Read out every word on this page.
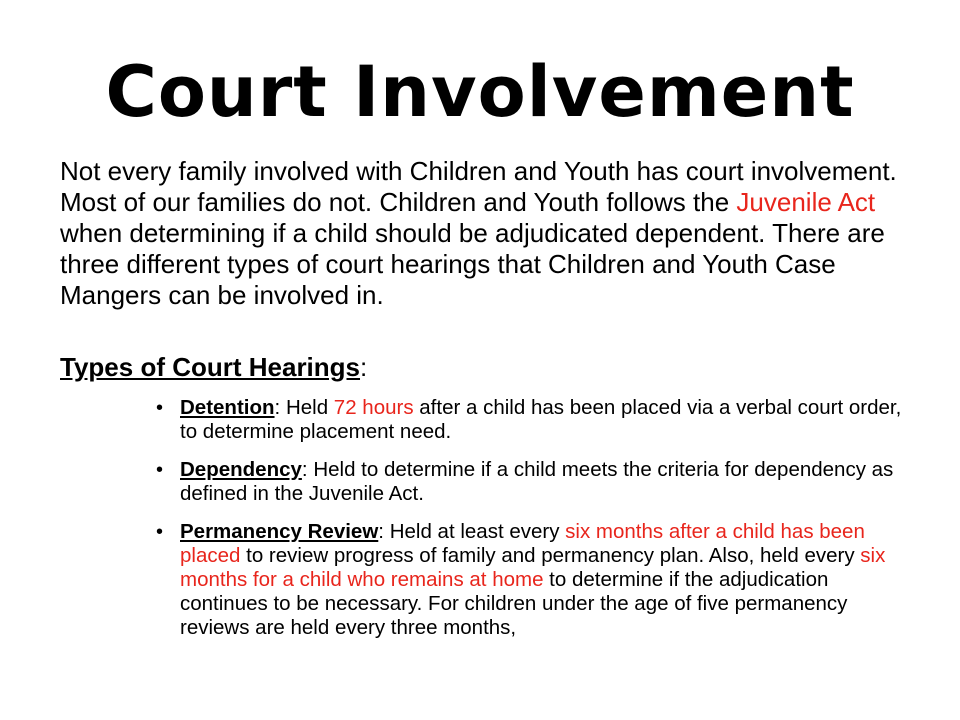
Court Involvement

Not every family involved with Children and Youth has court involvement. Most of our families do not. Children and Youth follows the Juvenile Act when determining if a child should be adjudicated dependent. There are three different types of court hearings that Children and Youth Case Mangers can be involved in.

Types of Court Hearings:

• Detention: Held 72 hours after a child has been placed via a verbal court order, to determine placement need.
• Dependency: Held to determine if a child meets the criteria for dependency as defined in the Juvenile Act.
• Permanency Review: Held at least every six months after a child has been placed to review progress of family and permanency plan. Also, held every six months for a child who remains at home to determine if the adjudication continues to be necessary. For children under the age of five permanency reviews are held every three months,
